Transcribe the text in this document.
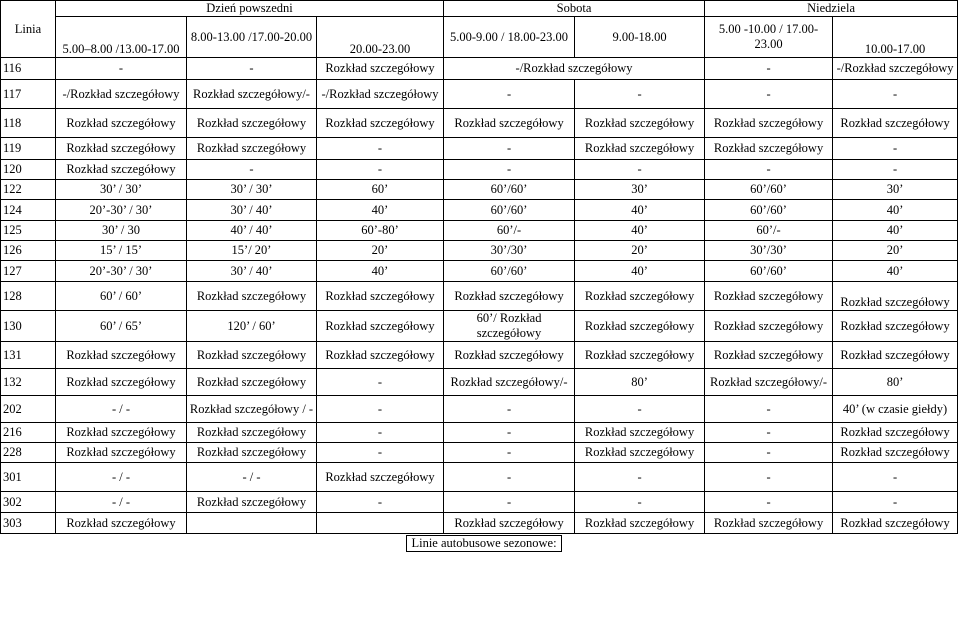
Linia	Dzień powszedni			Sobota		Niedziela		
	5.00–8.00 /13.00-17.00	8.00-13.00 /17.00-20.00	20.00-23.00	5.00-9.00 / 18.00-23.00	9.00-18.00	5.00 -10.00 / 17.00-23.00	10.00-17.00	
116	-	-	Rozkład szczegółowy	-/Rozkład szczegółowy		-	-/Rozkład szczegółowy	
117	-/Rozkład szczegółowy	Rozkład szczegółowy/-	-/Rozkład szczegółowy	-	-	-	-	
118	Rozkład szczegółowy	Rozkład szczegółowy	Rozkład szczegółowy	Rozkład szczegółowy	Rozkład szczegółowy	Rozkład szczegółowy	Rozkład szczegółowy	
119	Rozkład szczegółowy	Rozkład szczegółowy	-	-	Rozkład szczegółowy	Rozkład szczegółowy	-	
120	Rozkład szczegółowy	-	-	-	-	-	-	
122	30’ / 30’	30’ / 30’	60’	60’/60’	30’	60’/60’	30’	
124	20’-30’ / 30’	30’ / 40’	40’	60’/60’	40’	60’/60’	40’	
125	30’ / 30	40’ / 40’	60’-80’	60’/-	40’	60’/-	40’	
126	15’ / 15’	15’/ 20’	20’	30’/30’	20’	30’/30’	20’	
127	20’-30’ / 30’	30’ / 40’	40’	60’/60’	40’	60’/60’	40’	
128	60’ / 60’	Rozkład szczegółowy	Rozkład szczegółowy	Rozkład szczegółowy	Rozkład szczegółowy	Rozkład szczegółowy	Rozkład szczegółowy	
130	60’ / 65’	120’ / 60’	Rozkład szczegółowy	60’/ Rozkład szczegółowy	Rozkład szczegółowy	Rozkład szczegółowy	Rozkład szczegółowy	
131	Rozkład szczegółowy	Rozkład szczegółowy	Rozkład szczegółowy	Rozkład szczegółowy	Rozkład szczegółowy	Rozkład szczegółowy	Rozkład szczegółowy	
132	Rozkład szczegółowy	Rozkład szczegółowy	-	Rozkład szczegółowy/-	80’	Rozkład szczegółowy/-	80’	
202	- / -	Rozkład szczegółowy / -	-	-	-	-	40’ (w czasie giełdy)	
216	Rozkład szczegółowy	Rozkład szczegółowy	-	-	Rozkład szczegółowy	-	Rozkład szczegółowy	
228	Rozkład szczegółowy	Rozkład szczegółowy	-	-	Rozkład szczegółowy	-	Rozkład szczegółowy	
301	- / -	- / -	Rozkład szczegółowy	-	-	-	-	
302	- / -	Rozkład szczegółowy	-	-	-	-	-	
303	Rozkład szczegółowy			Rozkład szczegółowy	Rozkład szczegółowy	Rozkład szczegółowy	Rozkład szczegółowy	
Linie autobusowe sezonowe:								
